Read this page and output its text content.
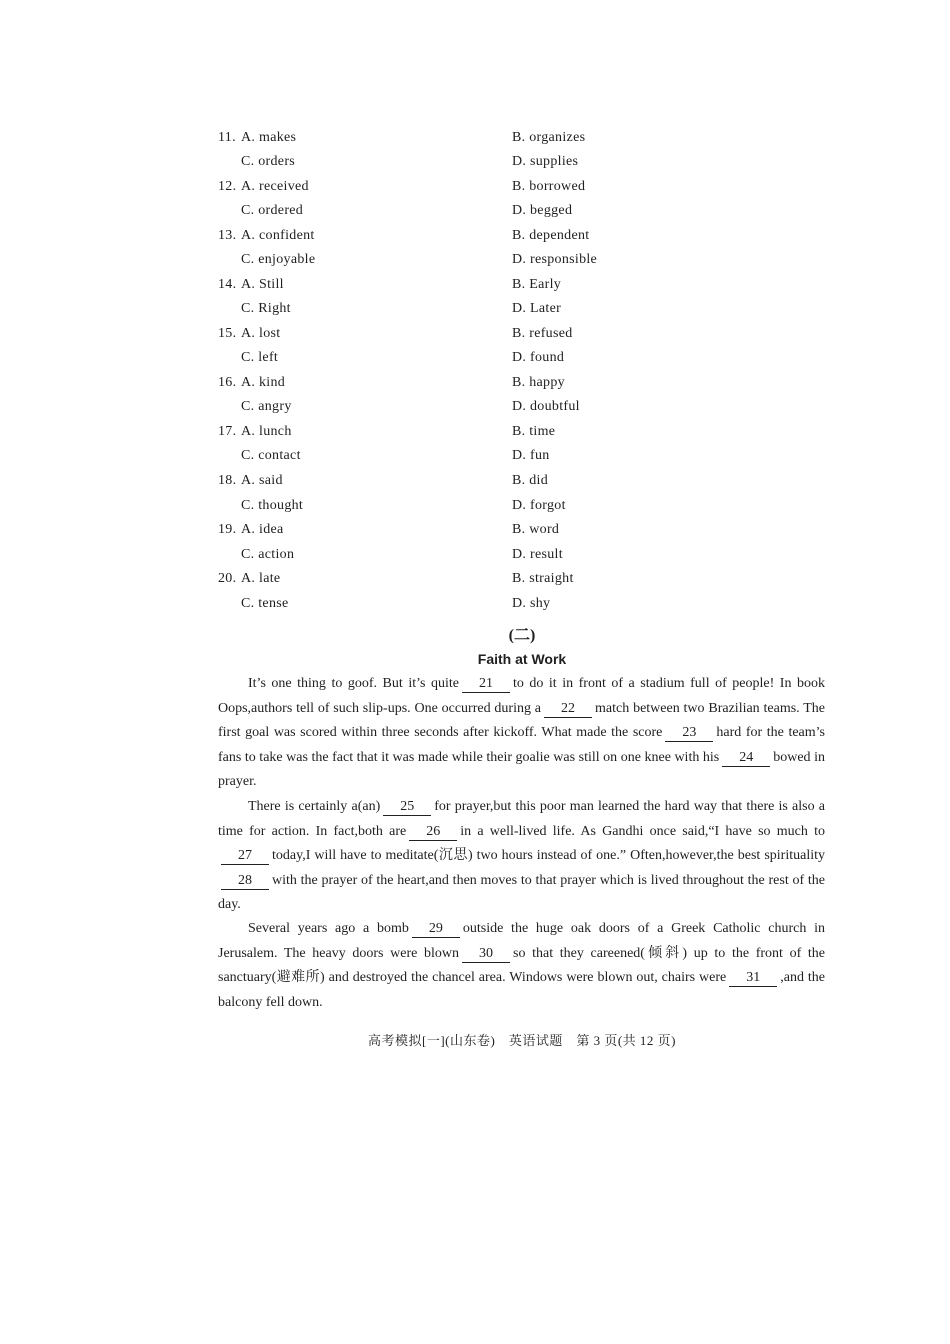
11. A. makes	B. organizes
C. orders	D. supplies
12. A. received	B. borrowed
C. ordered	D. begged
13. A. confident	B. dependent
C. enjoyable	D. responsible
14. A. Still	B. Early
C. Right	D. Later
15. A. lost	B. refused
C. left	D. found
16. A. kind	B. happy
C. angry	D. doubtful
17. A. lunch	B. time
C. contact	D. fun
18. A. said	B. did
C. thought	D. forgot
19. A. idea	B. word
C. action	D. result
20. A. late	B. straight
C. tense	D. shy
(二)
Faith at Work
It’s one thing to goof. But it’s quite 21 to do it in front of a stadium full of people! In book Oops,authors tell of such slip-ups. One occurred during a 22 match between two Brazilian teams. The first goal was scored within three seconds after kickoff. What made the score 23 hard for the team’s fans to take was the fact that it was made while their goalie was still on one knee with his 24 bowed in prayer.
There is certainly a(an) 25 for prayer,but this poor man learned the hard way that there is also a time for action. In fact,both are 26 in a well-lived life. As Gandhi once said,“I have so much to27 today,I will have to meditate(沉思) two hours instead of one.” Often,however,the best spirituality28 with the prayer of the heart,and then moves to that prayer which is lived throughout the rest of the day.
Several years ago a bomb 29 outside the huge oak doors of a Greek Catholic church in Jerusalem. The heavy doors were blown 30 so that they careened(倾斜) up to the front of the sanctuary(避难所) and destroyed the chancel area. Windows were blown out, chairs were 31 ,and the balcony fell down.
高考模拟[一](山东卷)　英语试题　第 3 页(共 12 页)
